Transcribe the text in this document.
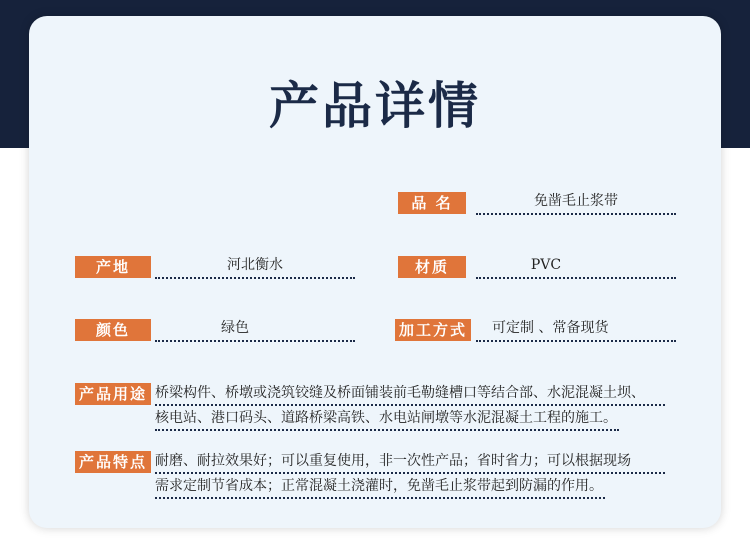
产品详情
品 名	免凿毛止浆带
产地	河北衡水	材质	PVC
颜色	绿色	加工方式	可定制 、常备现货
产品用途 桥梁构件、桥墩或浇筑铰缝及桥面铺装前毛勒缝槽口等结合部、水泥混凝土坝、
核电站、港口码头、道路桥梁高铁、水电站闸墩等水泥混凝土工程的施工。
产品特点 耐磨、耐拉效果好；可以重复使用，非一次性产品；省时省力；可以根据现场
需求定制节省成本；正常混凝土浇灌时，免凿毛止浆带起到防漏的作用。
